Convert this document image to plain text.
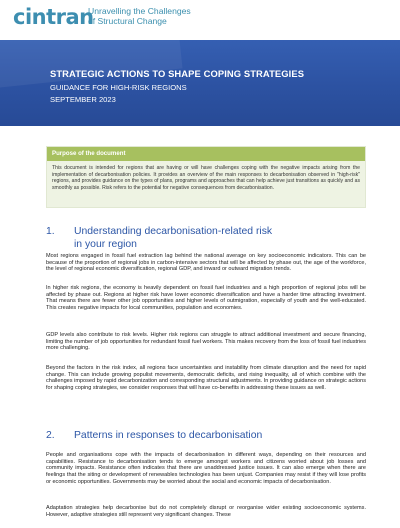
cintran
Unravelling the Challenges
of Structural Change
STRATEGIC ACTIONS TO SHAPE COPING STRATEGIES
GUIDANCE FOR HIGH-RISK REGIONS
SEPTEMBER 2023
Purpose of the document
This document is intended for regions that are having or will have challenges coping with the negative impacts arising from the implementation of decarbonisation policies. It provides an overview of the main responses to decarbonisation observed in "high-risk" regions, and provides guidance on the types of plans, programs and approaches that can help achieve just transitions as quickly and as smoothly as possible. Risk refers to the potential for negative consequences from decarbonisation.
1.	Understanding decarbonisation-related risk
in your region
Most regions engaged in fossil fuel extraction lag behind the national average on key socioeconomic indicators. This can be because of the proportion of regional jobs in carbon-intensive sectors that will be affected by phase out, the age of the workforce, the level of regional economic diversification, regional GDP, and inward or outward migration trends.
In higher risk regions, the economy is heavily dependent on fossil fuel industries and a high proportion of regional jobs will be affected by phase out. Regions at higher risk have lower economic diversification and have a harder time attracting investment. That means there are fewer other job opportunities and higher levels of outmigration, especially of youth and the well-educated. This creates negative impacts for local communities, population and economies.
GDP levels also contribute to risk levels. Higher risk regions can struggle to attract additional investment and secure financing, limiting the number of job opportunities for redundant fossil fuel workers. This makes recovery from the loss of fossil fuel industries more challenging.
Beyond the factors in the risk index, all regions face uncertainties and instability from climate disruption and the need for rapid change. This can include growing populist movements, democratic deficits, and rising inequality, all of which combine with the challenges imposed by rapid decarbonization and corresponding structural adjustments. In providing guidance on strategic actions for shaping coping strategies, we consider responses that will have co-benefits in addressing these issues as well.
2.	Patterns in responses to decarbonisation
People and organisations cope with the impacts of decarbonisation in different ways, depending on their resources and capabilities. Resistance to decarbonisation tends to emerge amongst workers and citizens worried about job losses and community impacts. Resistance often indicates that there are unaddressed justice issues. It can also emerge when there are feelings that the siting or development of renewables technologies has been unjust. Companies may resist if they will lose profits or economic opportunities. Governments may be worried about the social and economic impacts of decarbonisation.
Adaptation strategies help decarbonise but do not completely disrupt or reorganise wider existing socioeconomic systems. However, adaptive strategies still represent very significant changes. These
